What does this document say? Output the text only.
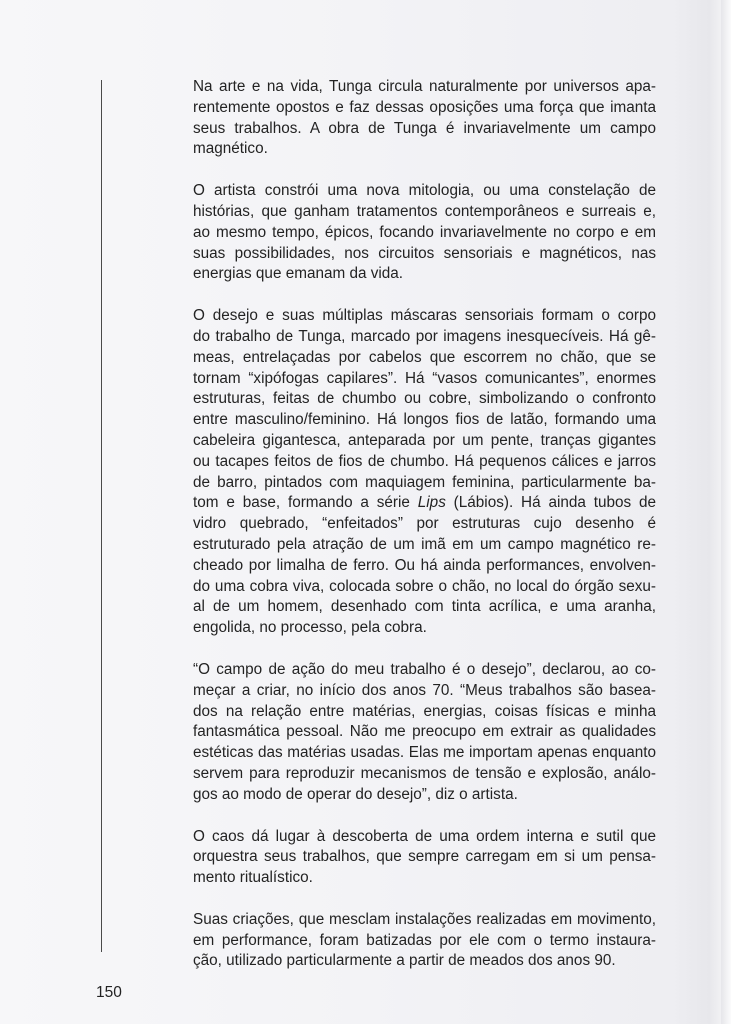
Na arte e na vida, Tunga circula naturalmente por universos apa-
rentemente opostos e faz dessas oposições uma força que imanta
seus trabalhos. A obra de Tunga é invariavelmente um campo
magnético.

O artista constrói uma nova mitologia, ou uma constelação de
histórias, que ganham tratamentos contemporâneos e surreais e,
ao mesmo tempo, épicos, focando invariavelmente no corpo e em
suas possibilidades, nos circuitos sensoriais e magnéticos, nas
energias que emanam da vida.

O desejo e suas múltiplas máscaras sensoriais formam o corpo
do trabalho de Tunga, marcado por imagens inesquecíveis. Há gê-
meas, entrelaçadas por cabelos que escorrem no chão, que se
tornam “xipófogas capilares”. Há “vasos comunicantes”, enormes
estruturas, feitas de chumbo ou cobre, simbolizando o confronto
entre masculino/feminino. Há longos fios de latão, formando uma
cabeleira gigantesca, anteparada por um pente, tranças gigantes
ou tacapes feitos de fios de chumbo. Há pequenos cálices e jarros
de barro, pintados com maquiagem feminina, particularmente ba-
tom e base, formando a série Lips (Lábios). Há ainda tubos de
vidro quebrado, “enfeitados” por estruturas cujo desenho é
estruturado pela atração de um imã em um campo magnético re-
cheado por limalha de ferro. Ou há ainda performances, envolven-
do uma cobra viva, colocada sobre o chão, no local do órgão sexu-
al de um homem, desenhado com tinta acrílica, e uma aranha,
engolida, no processo, pela cobra.

“O campo de ação do meu trabalho é o desejo”, declarou, ao co-
meçar a criar, no início dos anos 70. “Meus trabalhos são basea-
dos na relação entre matérias, energias, coisas físicas e minha
fantasmática pessoal. Não me preocupo em extrair as qualidades
estéticas das matérias usadas. Elas me importam apenas enquanto
servem para reproduzir mecanismos de tensão e explosão, análo-
gos ao modo de operar do desejo”, diz o artista.

O caos dá lugar à descoberta de uma ordem interna e sutil que
orquestra seus trabalhos, que sempre carregam em si um pensa-
mento ritualístico.

Suas criações, que mesclam instalações realizadas em movimento,
em performance, foram batizadas por ele com o termo instaura-
ção, utilizado particularmente a partir de meados dos anos 90.

150
